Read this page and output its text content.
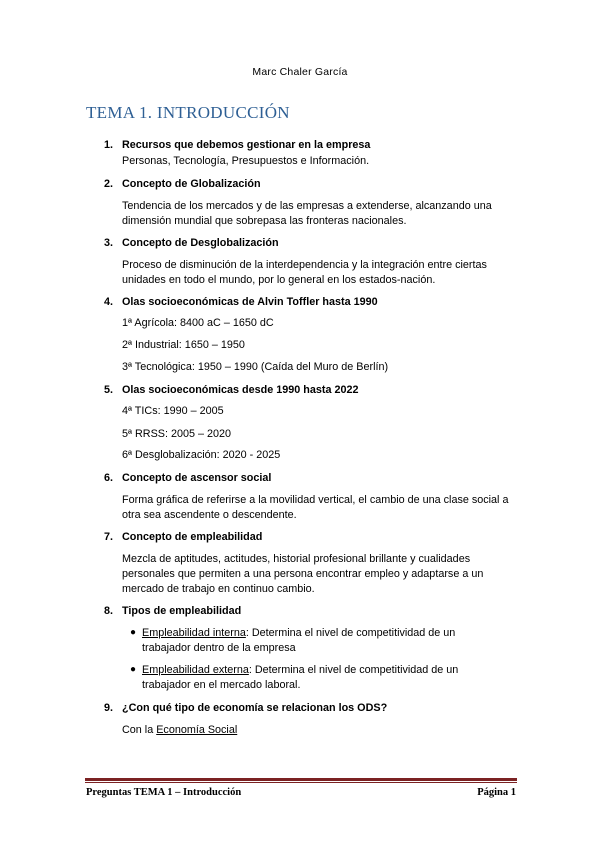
Marc Chaler García
TEMA 1. INTRODUCCIÓN
1. Recursos que debemos gestionar en la empresa
Personas, Tecnología, Presupuestos e Información.
2. Concepto de Globalización
Tendencia de los mercados y de las empresas a extenderse, alcanzando una
dimensión mundial que sobrepasa las fronteras nacionales.
3. Concepto de Desglobalización
Proceso de disminución de la interdependencia y la integración entre ciertas
unidades en todo el mundo, por lo general en los estados-nación.
4. Olas socioeconómicas de Alvin Toffler hasta 1990
1ª Agrícola: 8400 aC – 1650 dC
2ª Industrial: 1650 – 1950
3ª Tecnológica: 1950 – 1990 (Caída del Muro de Berlín)
5. Olas socioeconómicas desde 1990 hasta 2022
4ª TICs: 1990 – 2005
5ª RRSS: 2005 – 2020
6ª Desglobalización: 2020 - 2025
6. Concepto de ascensor social
Forma gráfica de referirse a la movilidad vertical, el cambio de una clase social a
otra sea ascendente o descendente.
7. Concepto de empleabilidad
Mezcla de aptitudes, actitudes, historial profesional brillante y cualidades
personales que permiten a una persona encontrar empleo y adaptarse a un
mercado de trabajo en continuo cambio.
8. Tipos de empleabilidad
● Empleabilidad interna: Determina el nivel de competitividad de un
trabajador dentro de la empresa
● Empleabilidad externa: Determina el nivel de competitividad de un
trabajador en el mercado laboral.
9. ¿Con qué tipo de economía se relacionan los ODS?
Con la Economía Social
Preguntas TEMA 1 – Introducción	Página 1
